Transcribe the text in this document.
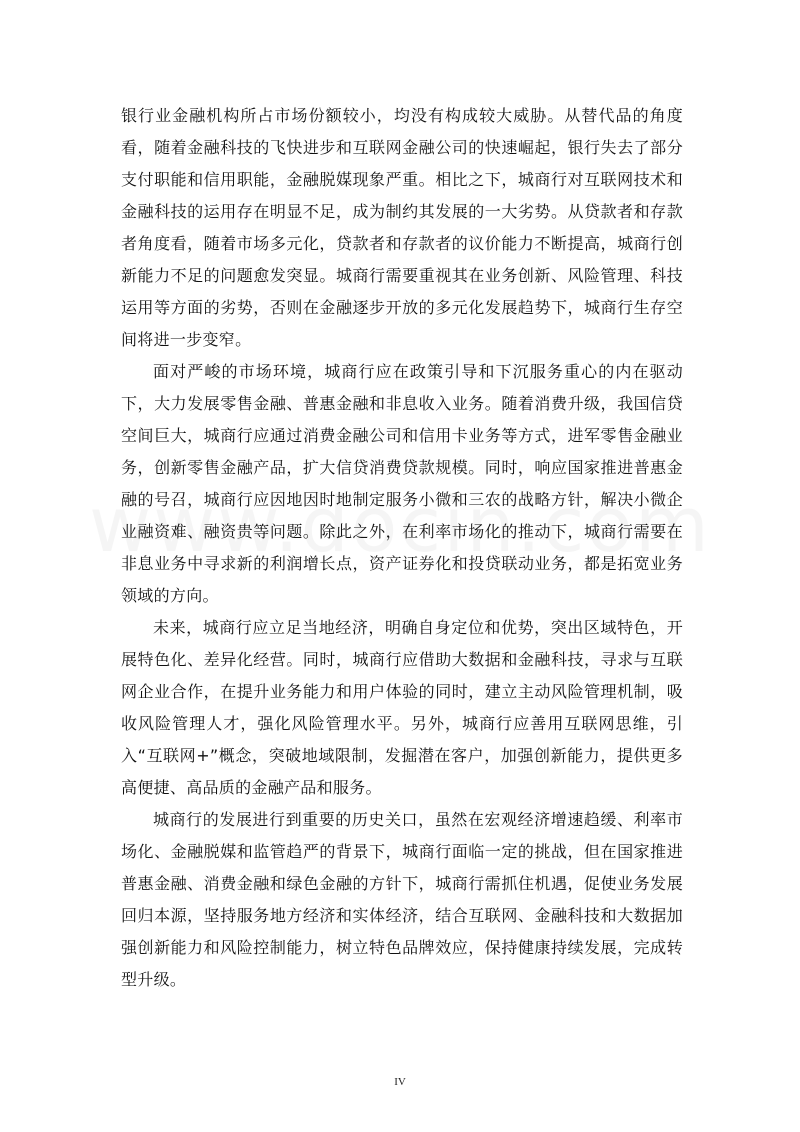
银行业金融机构所占市场份额较小，均没有构成较大威胁。从替代品的角度看，随着金融科技的飞快进步和互联网金融公司的快速崛起，银行失去了部分支付职能和信用职能，金融脱媒现象严重。相比之下，城商行对互联网技术和金融科技的运用存在明显不足，成为制约其发展的一大劣势。从贷款者和存款者角度看，随着市场多元化，贷款者和存款者的议价能力不断提高，城商行创新能力不足的问题愈发突显。城商行需要重视其在业务创新、风险管理、科技运用等方面的劣势，否则在金融逐步开放的多元化发展趋势下，城商行生存空间将进一步变窄。

面对严峻的市场环境，城商行应在政策引导和下沉服务重心的内在驱动下，大力发展零售金融、普惠金融和非息收入业务。随着消费升级，我国信贷空间巨大，城商行应通过消费金融公司和信用卡业务等方式，进军零售金融业务，创新零售金融产品，扩大信贷消费贷款规模。同时，响应国家推进普惠金融的号召，城商行应因地因时地制定服务小微和三农的战略方针，解决小微企业融资难、融资贵等问题。除此之外，在利率市场化的推动下，城商行需要在非息业务中寻求新的利润增长点，资产证券化和投贷联动业务，都是拓宽业务领域的方向。

未来，城商行应立足当地经济，明确自身定位和优势，突出区域特色，开展特色化、差异化经营。同时，城商行应借助大数据和金融科技，寻求与互联网企业合作，在提升业务能力和用户体验的同时，建立主动风险管理机制，吸收风险管理人才，强化风险管理水平。另外，城商行应善用互联网思维，引入“互联网+”概念，突破地域限制，发掘潜在客户，加强创新能力，提供更多高便捷、高品质的金融产品和服务。

城商行的发展进行到重要的历史关口，虽然在宏观经济增速趋缓、利率市场化、金融脱媒和监管趋严的背景下，城商行面临一定的挑战，但在国家推进普惠金融、消费金融和绿色金融的方针下，城商行需抓住机遇，促使业务发展回归本源，坚持服务地方经济和实体经济，结合互联网、金融科技和大数据加强创新能力和风险控制能力，树立特色品牌效应，保持健康持续发展，完成转型升级。

IV
